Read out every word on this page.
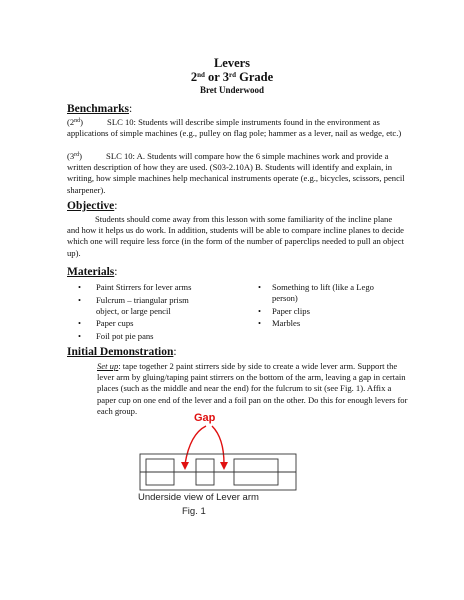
Levers
2nd or 3rd Grade
Bret Underwood
Benchmarks:
(2nd)	SLC 10: Students will describe simple instruments found in the environment as applications of simple machines (e.g., pulley on flag pole; hammer as a lever, nail as wedge, etc.)
(3rd)	SLC 10: A. Students will compare how the 6 simple machines work and provide a written description of how they are used. (S03-2.10A) B. Students will identify and explain, in writing, how simple machines help mechanical instruments operate (e.g., bicycles, scissors, pencil sharpener).
Objective:
Students should come away from this lesson with some familiarity of the incline plane and how it helps us do work. In addition, students will be able to compare incline planes to decide which one will require less force (in the form of the number of paperclips needed to pull an object up).
Materials:
• Paint Stirrers for lever arms
• Fulcrum – triangular prism object, or large pencil
• Paper cups
• Foil pot pie pans
• Something to lift (like a Lego person)
• Paper clips
• Marbles
Initial Demonstration:
Set up: tape together 2 paint stirrers side by side to create a wide lever arm. Support the lever arm by gluing/taping paint stirrers on the bottom of the arm, leaving a gap in certain places (such as the middle and near the end) for the fulcrum to sit (see Fig. 1). Affix a paper cup on one end of the lever and a foil pan on the other. Do this for enough levers for each group.
Gap
Underside view of Lever arm
Fig. 1
